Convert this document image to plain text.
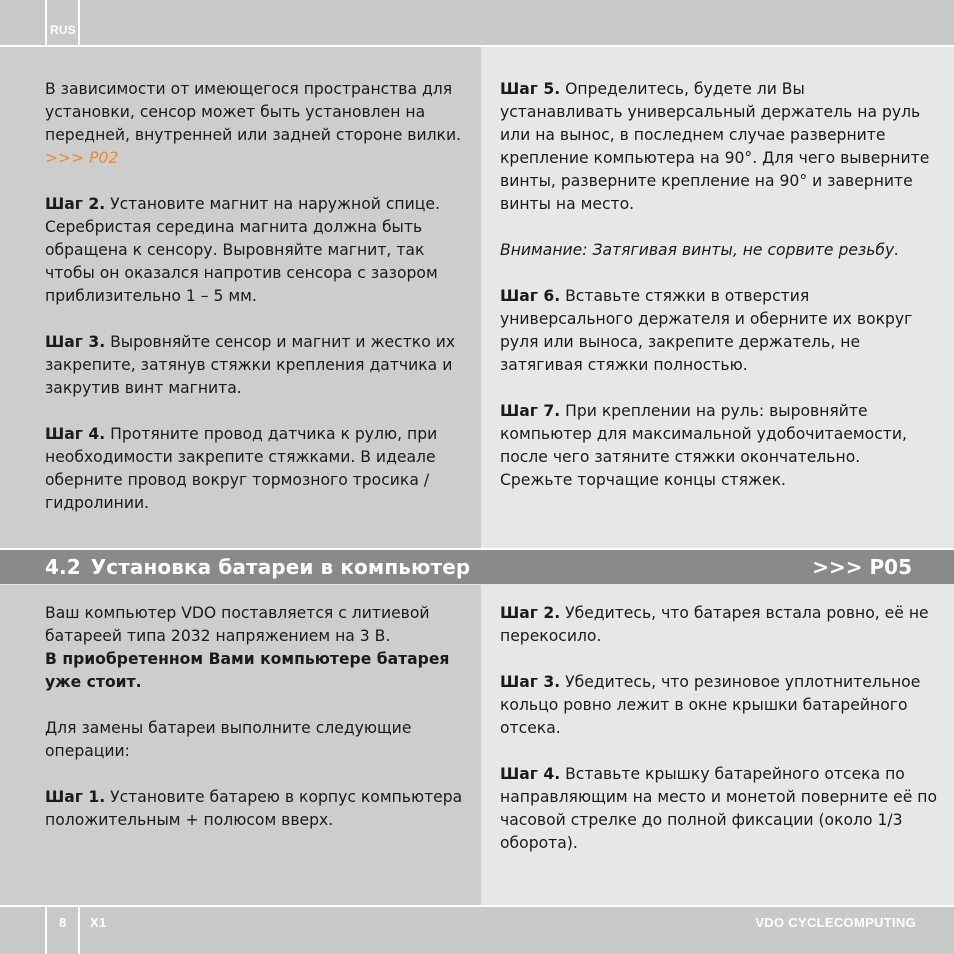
RUS

В зависимости от имеющегося пространства для установки, сенсор может быть установлен на передней, внутренней или задней стороне вилки. >>> P02

Шаг 2. Установите магнит на наружной спице. Серебристая середина магнита должна быть обращена к сенсору. Выровняйте магнит, так чтобы он оказался напротив сенсора с зазором приблизительно 1 – 5 мм.

Шаг 3. Выровняйте сенсор и магнит и жестко их закрепите, затянув стяжки крепления датчика и закрутив винт магнита.

Шаг 4. Протяните провод датчика к рулю, при необходимости закрепите стяжками. В идеале оберните провод вокруг тормозного тросика / гидролинии.

Шаг 5. Определитесь, будете ли Вы устанавливать универсальный держатель на руль или на вынос, в последнем случае разверните крепление компьютера на 90°. Для чего выверните винты, разверните крепление на 90° и заверните винты на место.

Внимание: Затягивая винты, не сорвите резьбу.

Шаг 6. Вставьте стяжки в отверстия универсального держателя и оберните их вокруг руля или выноса, закрепите держатель, не затягивая стяжки полностью.

Шаг 7. При креплении на руль: выровняйте компьютер для максимальной удобочитаемости, после чего затяните стяжки окончательно. Срежьте торчащие концы стяжек.

4.2 Установка батареи в компьютер	>>> P05

Ваш компьютер VDO поставляется с литиевой батареей типа 2032 напряжением на 3 В.
В приобретенном Вами компьютере батарея уже стоит.

Для замены батареи выполните следующие операции:

Шаг 1. Установите батарею в корпус компьютера положительным + полюсом вверх.

Шаг 2. Убедитесь, что батарея встала ровно, её не перекосило.

Шаг 3. Убедитесь, что резиновое уплотнительное кольцо ровно лежит в окне крышки батарейного отсека.

Шаг 4. Вставьте крышку батарейного отсека по направляющим на место и монетой поверните её по часовой стрелке до полной фиксации (около 1/3 оборота).

8 X1	VDO CYCLECOMPUTING
